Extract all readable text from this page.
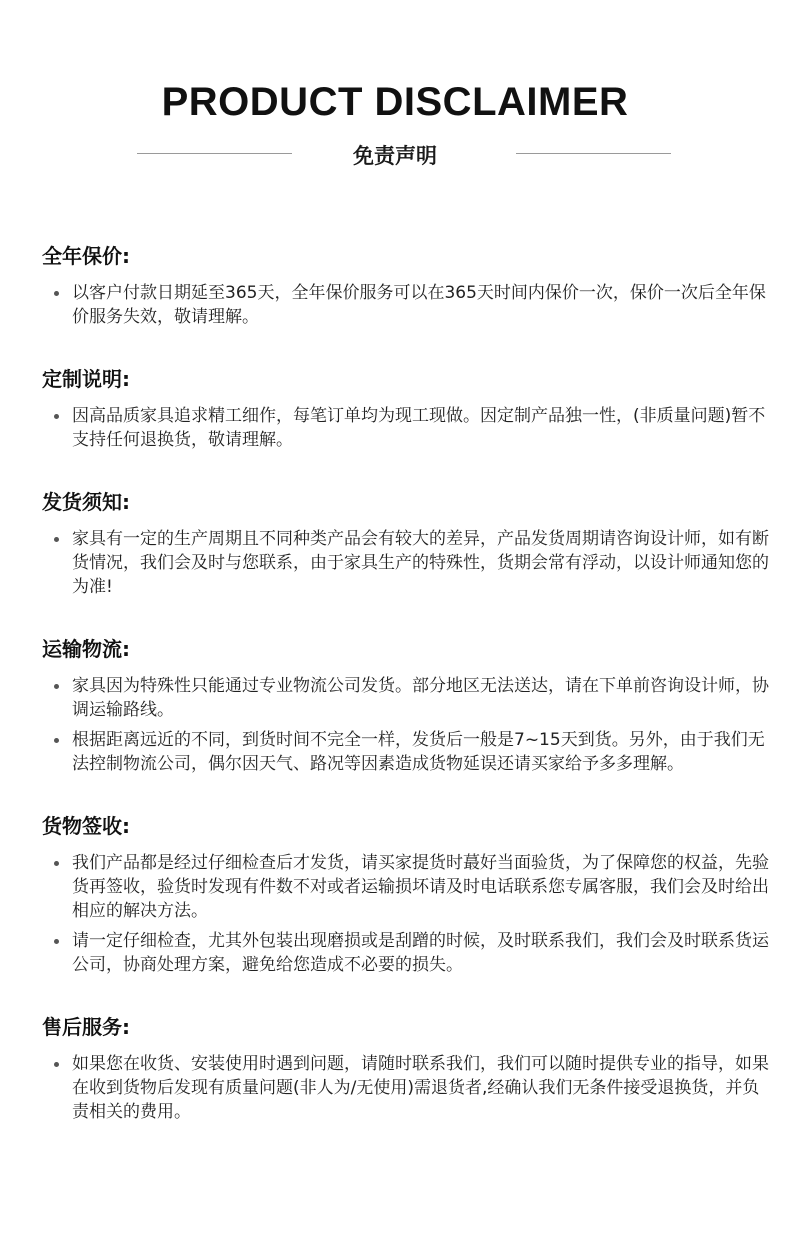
PRODUCT DISCLAIMER
免责声明
全年保价:
以客户付款日期延至365天，全年保价服务可以在365天时间内保价一次，保价一次后全年保价服务失效，敬请理解。
定制说明:
因高品质家具追求精工细作，每笔订单均为现工现做。因定制产品独一性，(非质量问题)暂不支持任何退换货，敬请理解。
发货须知:
家具有一定的生产周期且不同种类产品会有较大的差异，产品发货周期请咨询设计师，如有断货情况，我们会及时与您联系，由于家具生产的特殊性，货期会常有浮动，以设计师通知您的为准!
运输物流:
家具因为特殊性只能通过专业物流公司发货。部分地区无法送达，请在下单前咨询设计师，协调运输路线。
根据距离远近的不同，到货时间不完全一样，发货后一般是7~15天到货。另外，由于我们无法控制物流公司，偶尔因天气、路况等因素造成货物延误还请买家给予多多理解。
货物签收:
我们产品都是经过仔细检查后才发货，请买家提货时蕞好当面验货，为了保障您的权益，先验货再签收，验货时发现有件数不对或者运输损坏请及时电话联系您专属客服，我们会及时给出相应的解决方法。
请一定仔细检查，尤其外包装出现磨损或是刮蹭的时候，及时联系我们，我们会及时联系货运公司，协商处理方案，避免给您造成不必要的损失。
售后服务:
如果您在收货、安装使用时遇到问题，请随时联系我们，我们可以随时提供专业的指导，如果在收到货物后发现有质量问题(非人为/无使用)需退货者,经确认我们无条件接受退换货，并负责相关的费用。
